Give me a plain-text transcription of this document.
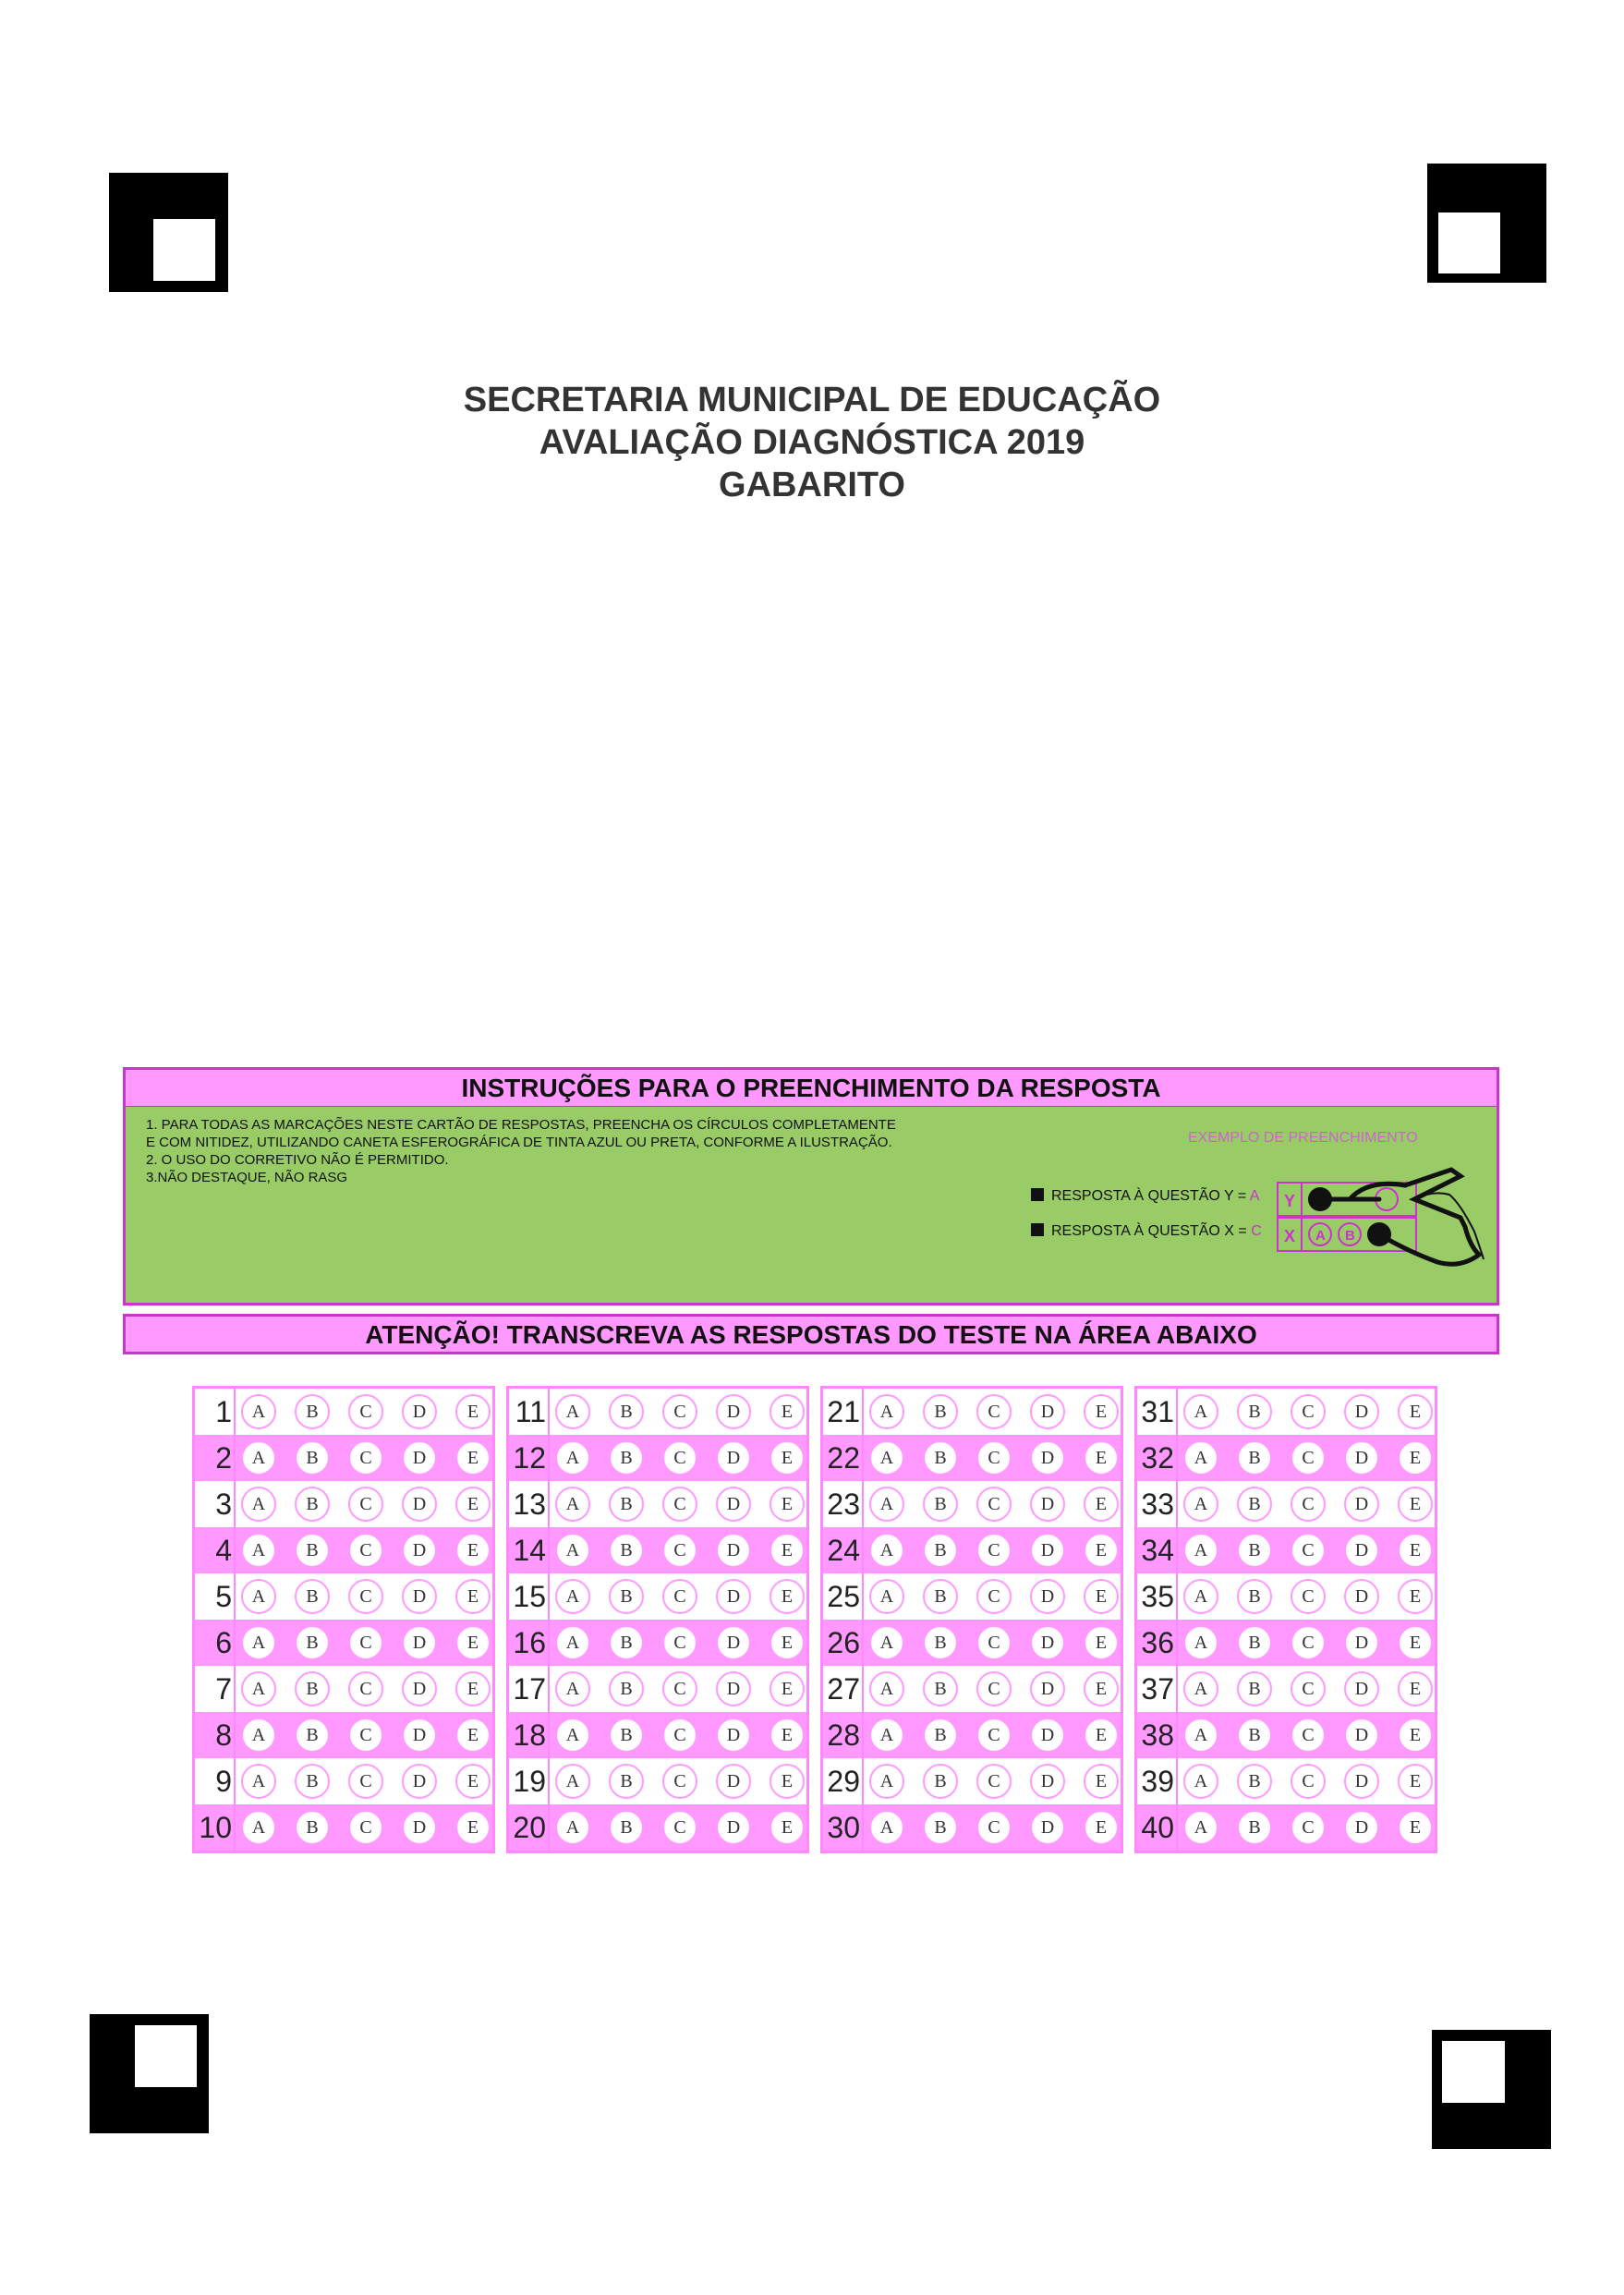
SECRETARIA MUNICIPAL DE EDUCAÇÃO
AVALIAÇÃO DIAGNÓSTICA 2019
GABARITO
INSTRUÇÕES PARA O PREENCHIMENTO DA RESPOSTA
1. PARA TODAS AS MARCAÇÕES NESTE CARTÃO DE RESPOSTAS, PREENCHA OS CÍRCULOS COMPLETAMENTE
E COM NITIDEZ, UTILIZANDO CANETA ESFEROGRÁFICA DE TINTA AZUL OU PRETA, CONFORME A ILUSTRAÇÃO.
2. O USO DO CORRETIVO NÃO É PERMITIDO.
3.NÃO DESTAQUE, NÃO RASG
EXEMPLO DE PREENCHIMENTO
RESPOSTA À QUESTÃO Y = A
RESPOSTA À QUESTÃO X = C
Y
X A B
ATENÇÃO! TRANSCREVA AS RESPOSTAS DO TESTE NA ÁREA ABAIXO
1	A	B	C	D	E
2	A	B	C	D	E
3	A	B	C	D	E
4	A	B	C	D	E
5	A	B	C	D	E
6	A	B	C	D	E
7	A	B	C	D	E
8	A	B	C	D	E
9	A	B	C	D	E
10	A	B	C	D	E
11	A	B	C	D	E
12	A	B	C	D	E
13	A	B	C	D	E
14	A	B	C	D	E
15	A	B	C	D	E
16	A	B	C	D	E
17	A	B	C	D	E
18	A	B	C	D	E
19	A	B	C	D	E
20	A	B	C	D	E
21	A	B	C	D	E
22	A	B	C	D	E
23	A	B	C	D	E
24	A	B	C	D	E
25	A	B	C	D	E
26	A	B	C	D	E
27	A	B	C	D	E
28	A	B	C	D	E
29	A	B	C	D	E
30	A	B	C	D	E
31	A	B	C	D	E
32	A	B	C	D	E
33	A	B	C	D	E
34	A	B	C	D	E
35	A	B	C	D	E
36	A	B	C	D	E
37	A	B	C	D	E
38	A	B	C	D	E
39	A	B	C	D	E
40	A	B	C	D	E
